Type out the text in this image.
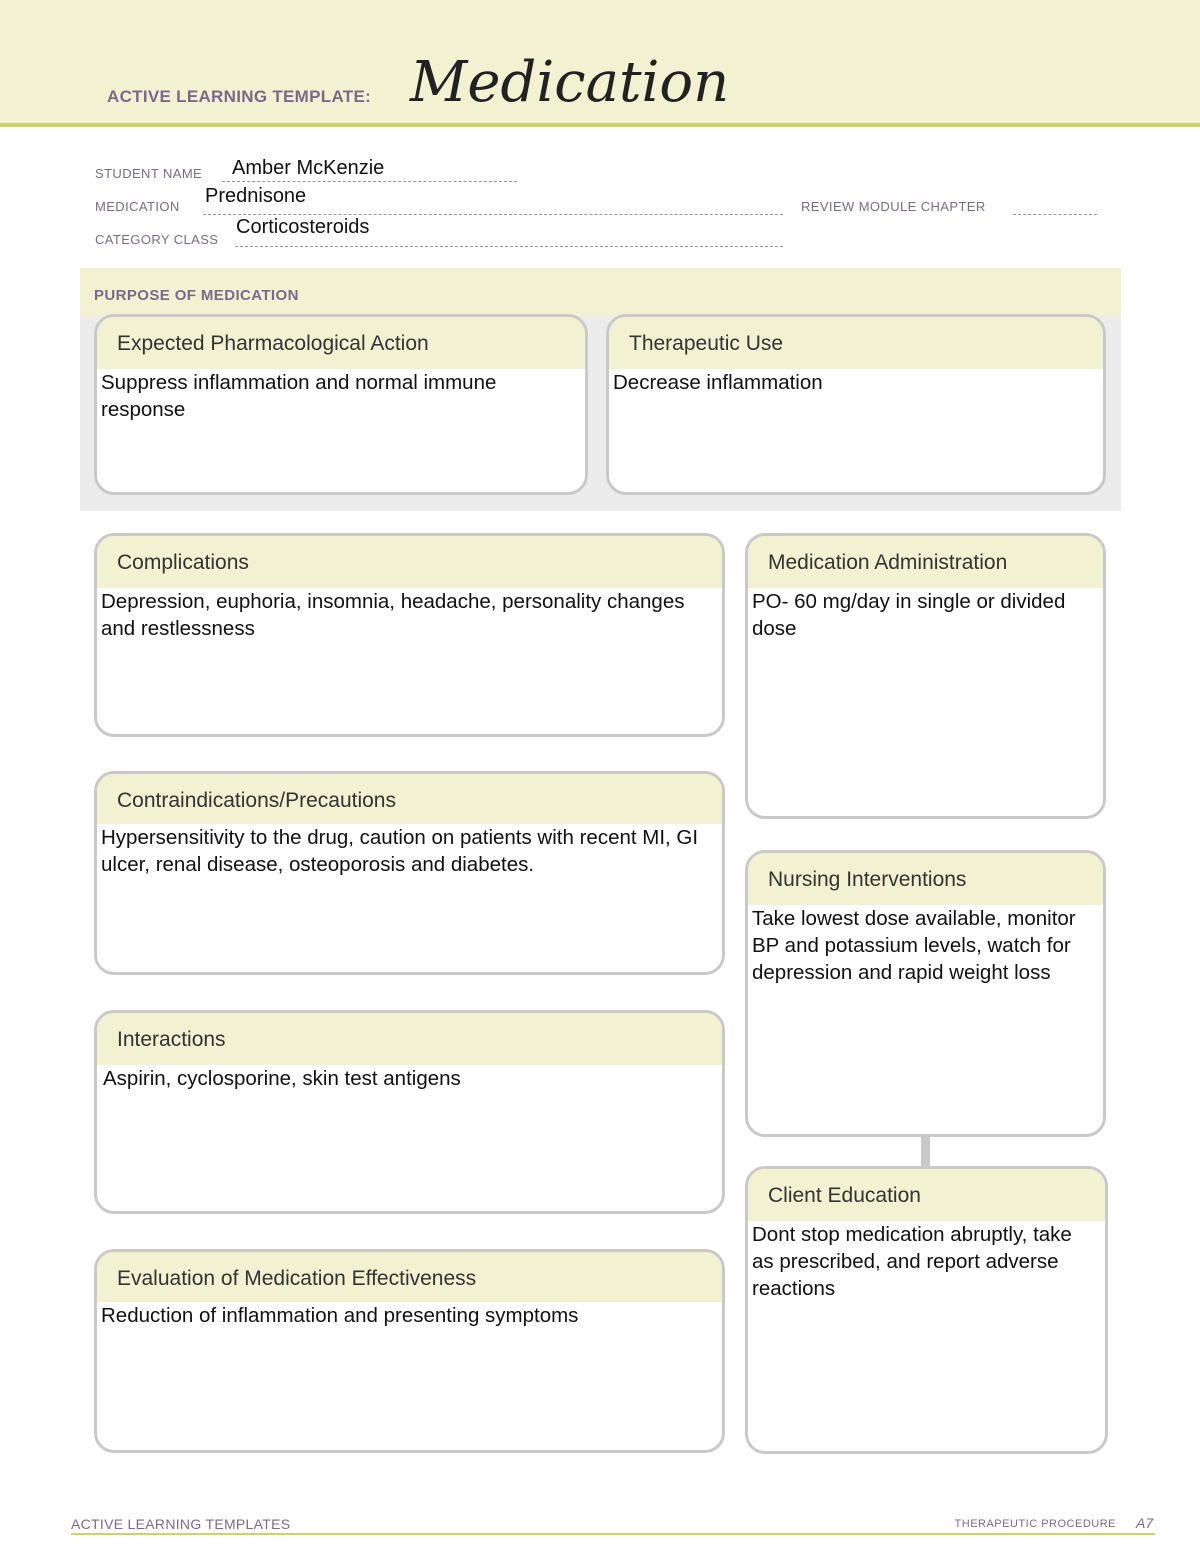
ACTIVE LEARNING TEMPLATE: Medication
STUDENT NAME Amber McKenzie
MEDICATION Prednisone	REVIEW MODULE CHAPTER
CATEGORY CLASS
Corticosteroids
PURPOSE OF MEDICATION
Expected Pharmacological Action
Suppress inflammation and normal immune response
Therapeutic Use
Decrease inflammation
Complications
Depression, euphoria, insomnia, headache, personality changes and restlessness
Contraindications/Precautions
Hypersensitivity to the drug, caution on patients with recent MI, GI ulcer, renal disease, osteoporosis and diabetes.
Interactions
Aspirin, cyclosporine, skin test antigens
Evaluation of Medication Effectiveness
Reduction of inflammation and presenting symptoms
Medication Administration
PO- 60 mg/day in single or divided dose
Nursing Interventions
Take lowest dose available, monitor BP and potassium levels, watch for depression and rapid weight loss
Client Education
Dont stop medication abruptly, take as prescribed, and report adverse reactions
ACTIVE LEARNING TEMPLATES	THERAPEUTIC PROCEDURE A7
